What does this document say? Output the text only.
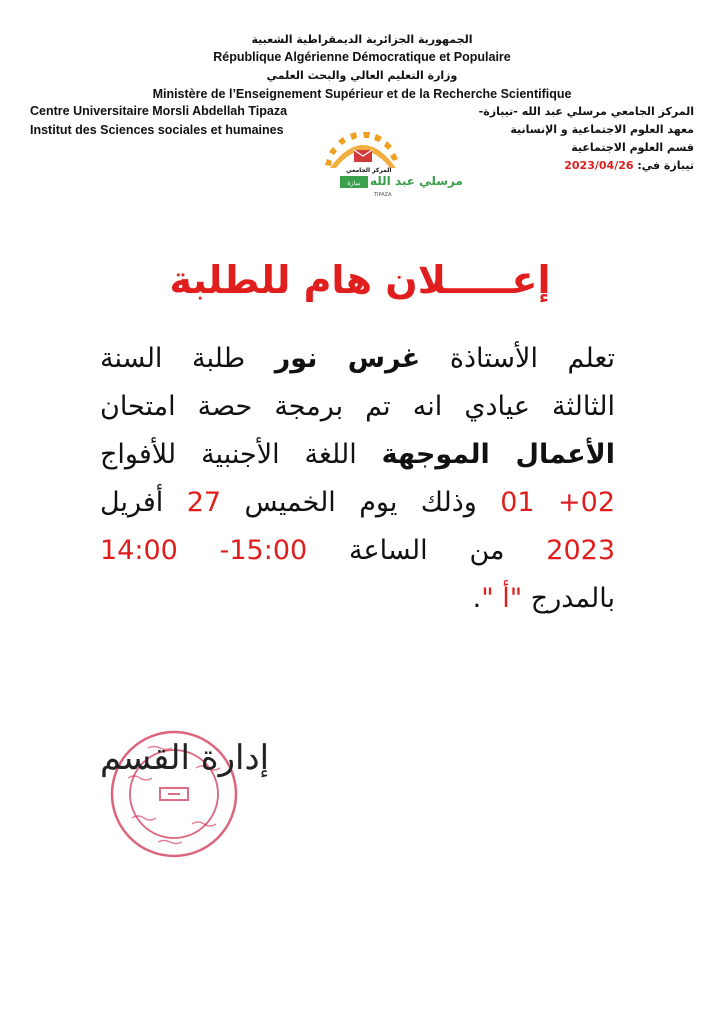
الجمهورية الجزائرية الديمقراطية الشعبية
République Algérienne Démocratique et Populaire
وزارة التعليم العالي والبحث العلمي
Ministère de l’Enseignement Supérieur et de la Recherche Scientifique
Centre Universitaire Morsli Abdellah Tipaza
Institut des Sciences sociales et humaines
المركز الجامعي مرسلي عبد الله -تيبازة-
معهد العلوم الاجتماعية و الإنسانية
قسم العلوم الاجتماعية
تيبازة في: 2023/04/26
تيبازة
المركز الجامعي
مرسلي عبد الله
TIPAZA
إعـــــلان هام للطلبة
تعلم الأستاذة غرس نور طلبة السنة
الثالثة عيادي انه تم برمجة حصة امتحان
الأعمال الموجهة اللغة الأجنبية للأفواج
01 +02 وذلك يوم الخميس 27 أفريل
2023 من الساعة 14:00 -15:00
بالمدرج "أ ".
إدارة القسم
